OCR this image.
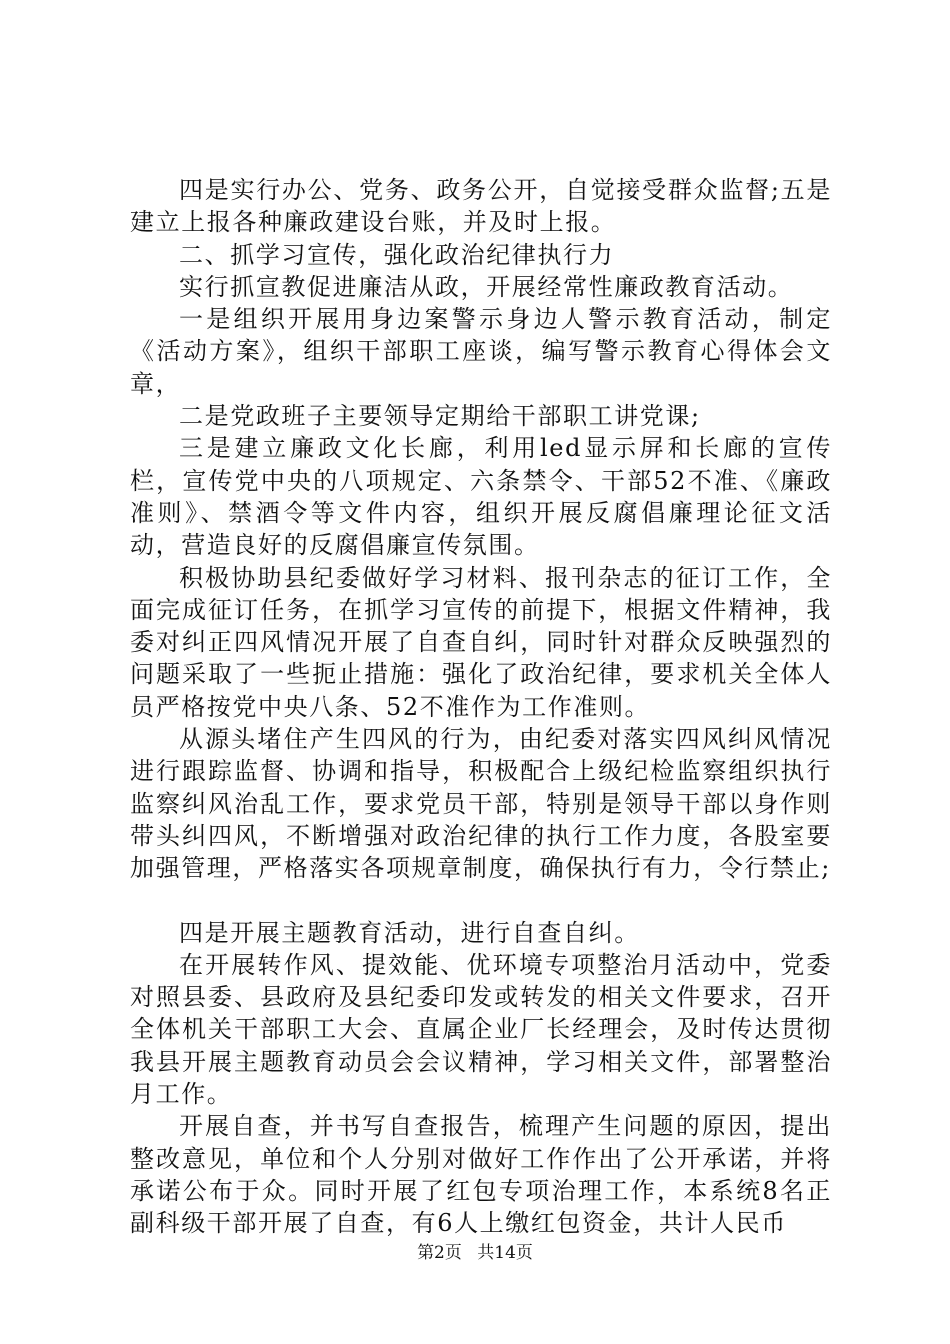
四是实行办公、党务、政务公开，自觉接受群众监督;五是建立上报各种廉政建设台账，并及时上报。

二、抓学习宣传，强化政治纪律执行力

实行抓宣教促进廉洁从政，开展经常性廉政教育活动。

一是组织开展用身边案警示身边人警示教育活动，制定《活动方案》，组织干部职工座谈，编写警示教育心得体会文章，

二是党政班子主要领导定期给干部职工讲党课;

三是建立廉政文化长廊，利用led显示屏和长廊的宣传栏，宣传党中央的八项规定、六条禁令、干部52不准、《廉政准则》、禁酒令等文件内容，组织开展反腐倡廉理论征文活动，营造良好的反腐倡廉宣传氛围。

积极协助县纪委做好学习材料、报刊杂志的征订工作，全面完成征订任务，在抓学习宣传的前提下，根据文件精神，我委对纠正四风情况开展了自查自纠，同时针对群众反映强烈的问题采取了一些扼止措施：强化了政治纪律，要求机关全体人员严格按党中央八条、52不准作为工作准则。

从源头堵住产生四风的行为，由纪委对落实四风纠风情况进行跟踪监督、协调和指导，积极配合上级纪检监察组织执行监察纠风治乱工作，要求党员干部，特别是领导干部以身作则带头纠四风，不断增强对政治纪律的执行工作力度，各股室要加强管理，严格落实各项规章制度，确保执行有力，令行禁止;

四是开展主题教育活动，进行自查自纠。

在开展转作风、提效能、优环境专项整治月活动中，党委对照县委、县政府及县纪委印发或转发的相关文件要求，召开全体机关干部职工大会、直属企业厂长经理会，及时传达贯彻我县开展主题教育动员会会议精神，学习相关文件，部署整治月工作。

开展自查，并书写自查报告，梳理产生问题的原因，提出整改意见，单位和个人分别对做好工作作出了公开承诺，并将承诺公布于众。同时开展了红包专项治理工作，本系统8名正副科级干部开展了自查，有6人上缴红包资金，共计人民币

第2页 共14页
